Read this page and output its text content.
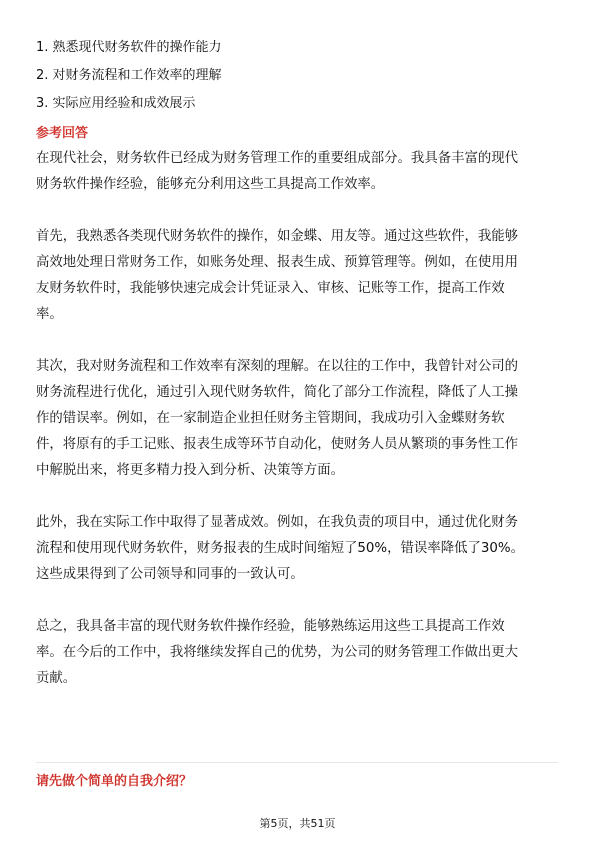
1. 熟悉现代财务软件的操作能力
2. 对财务流程和工作效率的理解
3. 实际应用经验和成效展示
参考回答
在现代社会，财务软件已经成为财务管理工作的重要组成部分。我具备丰富的现代
财务软件操作经验，能够充分利用这些工具提高工作效率。
首先，我熟悉各类现代财务软件的操作，如金蝶、用友等。通过这些软件，我能够
高效地处理日常财务工作，如账务处理、报表生成、预算管理等。例如，在使用用
友财务软件时，我能够快速完成会计凭证录入、审核、记账等工作，提高工作效
率。
其次，我对财务流程和工作效率有深刻的理解。在以往的工作中，我曾针对公司的
财务流程进行优化，通过引入现代财务软件，简化了部分工作流程，降低了人工操
作的错误率。例如，在一家制造企业担任财务主管期间，我成功引入金蝶财务软
件，将原有的手工记账、报表生成等环节自动化，使财务人员从繁琐的事务性工作
中解脱出来，将更多精力投入到分析、决策等方面。
此外，我在实际工作中取得了显著成效。例如，在我负责的项目中，通过优化财务
流程和使用现代财务软件，财务报表的生成时间缩短了50%，错误率降低了30%。
这些成果得到了公司领导和同事的一致认可。
总之，我具备丰富的现代财务软件操作经验，能够熟练运用这些工具提高工作效
率。在今后的工作中，我将继续发挥自己的优势，为公司的财务管理工作做出更大
贡献。
请先做个简单的自我介绍？
第5页，共51页
